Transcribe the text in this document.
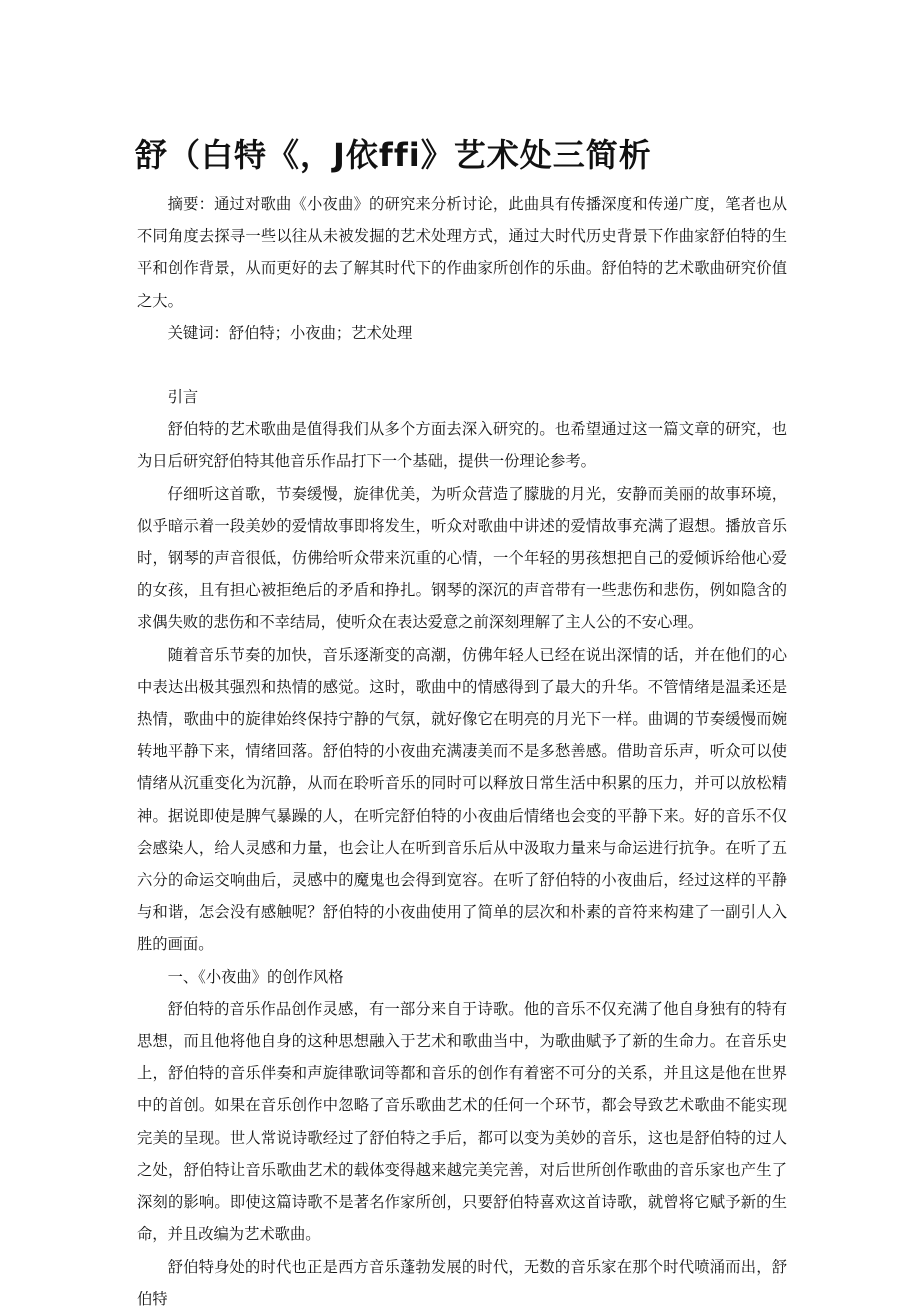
舒（白特《，J依ffi》艺术处三简析

摘要：通过对歌曲《小夜曲》的研究来分析讨论，此曲具有传播深度和传递广度，笔者也从不同角度去探寻一些以往从未被发掘的艺术处理方式，通过大时代历史背景下作曲家舒伯特的生平和创作背景，从而更好的去了解其时代下的作曲家所创作的乐曲。舒伯特的艺术歌曲研究价值之大。

关键词：舒伯特；小夜曲；艺术处理

引言

舒伯特的艺术歌曲是值得我们从多个方面去深入研究的。也希望通过这一篇文章的研究，也为日后研究舒伯特其他音乐作品打下一个基础，提供一份理论参考。

仔细听这首歌，节奏缓慢，旋律优美，为听众营造了朦胧的月光，安静而美丽的故事环境，似乎暗示着一段美妙的爱情故事即将发生，听众对歌曲中讲述的爱情故事充满了遐想。播放音乐时，钢琴的声音很低，仿佛给听众带来沉重的心情，一个年轻的男孩想把自己的爱倾诉给他心爱的女孩，且有担心被拒绝后的矛盾和挣扎。钢琴的深沉的声音带有一些悲伤和悲伤，例如隐含的求偶失败的悲伤和不幸结局，使听众在表达爱意之前深刻理解了主人公的不安心理。

随着音乐节奏的加快，音乐逐渐变的高潮，仿佛年轻人已经在说出深情的话，并在他们的心中表达出极其强烈和热情的感觉。这时，歌曲中的情感得到了最大的升华。不管情绪是温柔还是热情，歌曲中的旋律始终保持宁静的气氛，就好像它在明亮的月光下一样。曲调的节奏缓慢而婉转地平静下来，情绪回落。舒伯特的小夜曲充满凄美而不是多愁善感。借助音乐声，听众可以使情绪从沉重变化为沉静，从而在聆听音乐的同时可以释放日常生活中积累的压力，并可以放松精神。据说即使是脾气暴躁的人，在听完舒伯特的小夜曲后情绪也会变的平静下来。好的音乐不仅会感染人，给人灵感和力量，也会让人在听到音乐后从中汲取力量来与命运进行抗争。在听了五六分的命运交响曲后，灵感中的魔鬼也会得到宽容。在听了舒伯特的小夜曲后，经过这样的平静与和谐，怎会没有感触呢？舒伯特的小夜曲使用了简单的层次和朴素的音符来构建了一副引人入胜的画面。

一、《小夜曲》的创作风格

舒伯特的音乐作品创作灵感，有一部分来自于诗歌。他的音乐不仅充满了他自身独有的特有思想，而且他将他自身的这种思想融入于艺术和歌曲当中，为歌曲赋予了新的生命力。在音乐史上，舒伯特的音乐伴奏和声旋律歌词等都和音乐的创作有着密不可分的关系，并且这是他在世界中的首创。如果在音乐创作中忽略了音乐歌曲艺术的任何一个环节，都会导致艺术歌曲不能实现完美的呈现。世人常说诗歌经过了舒伯特之手后，都可以变为美妙的音乐，这也是舒伯特的过人之处，舒伯特让音乐歌曲艺术的载体变得越来越完美完善，对后世所创作歌曲的音乐家也产生了深刻的影响。即使这篇诗歌不是著名作家所创，只要舒伯特喜欢这首诗歌，就曾将它赋予新的生命，并且改编为艺术歌曲。

舒伯特身处的时代也正是西方音乐蓬勃发展的时代，无数的音乐家在那个时代喷涌而出，舒伯特
